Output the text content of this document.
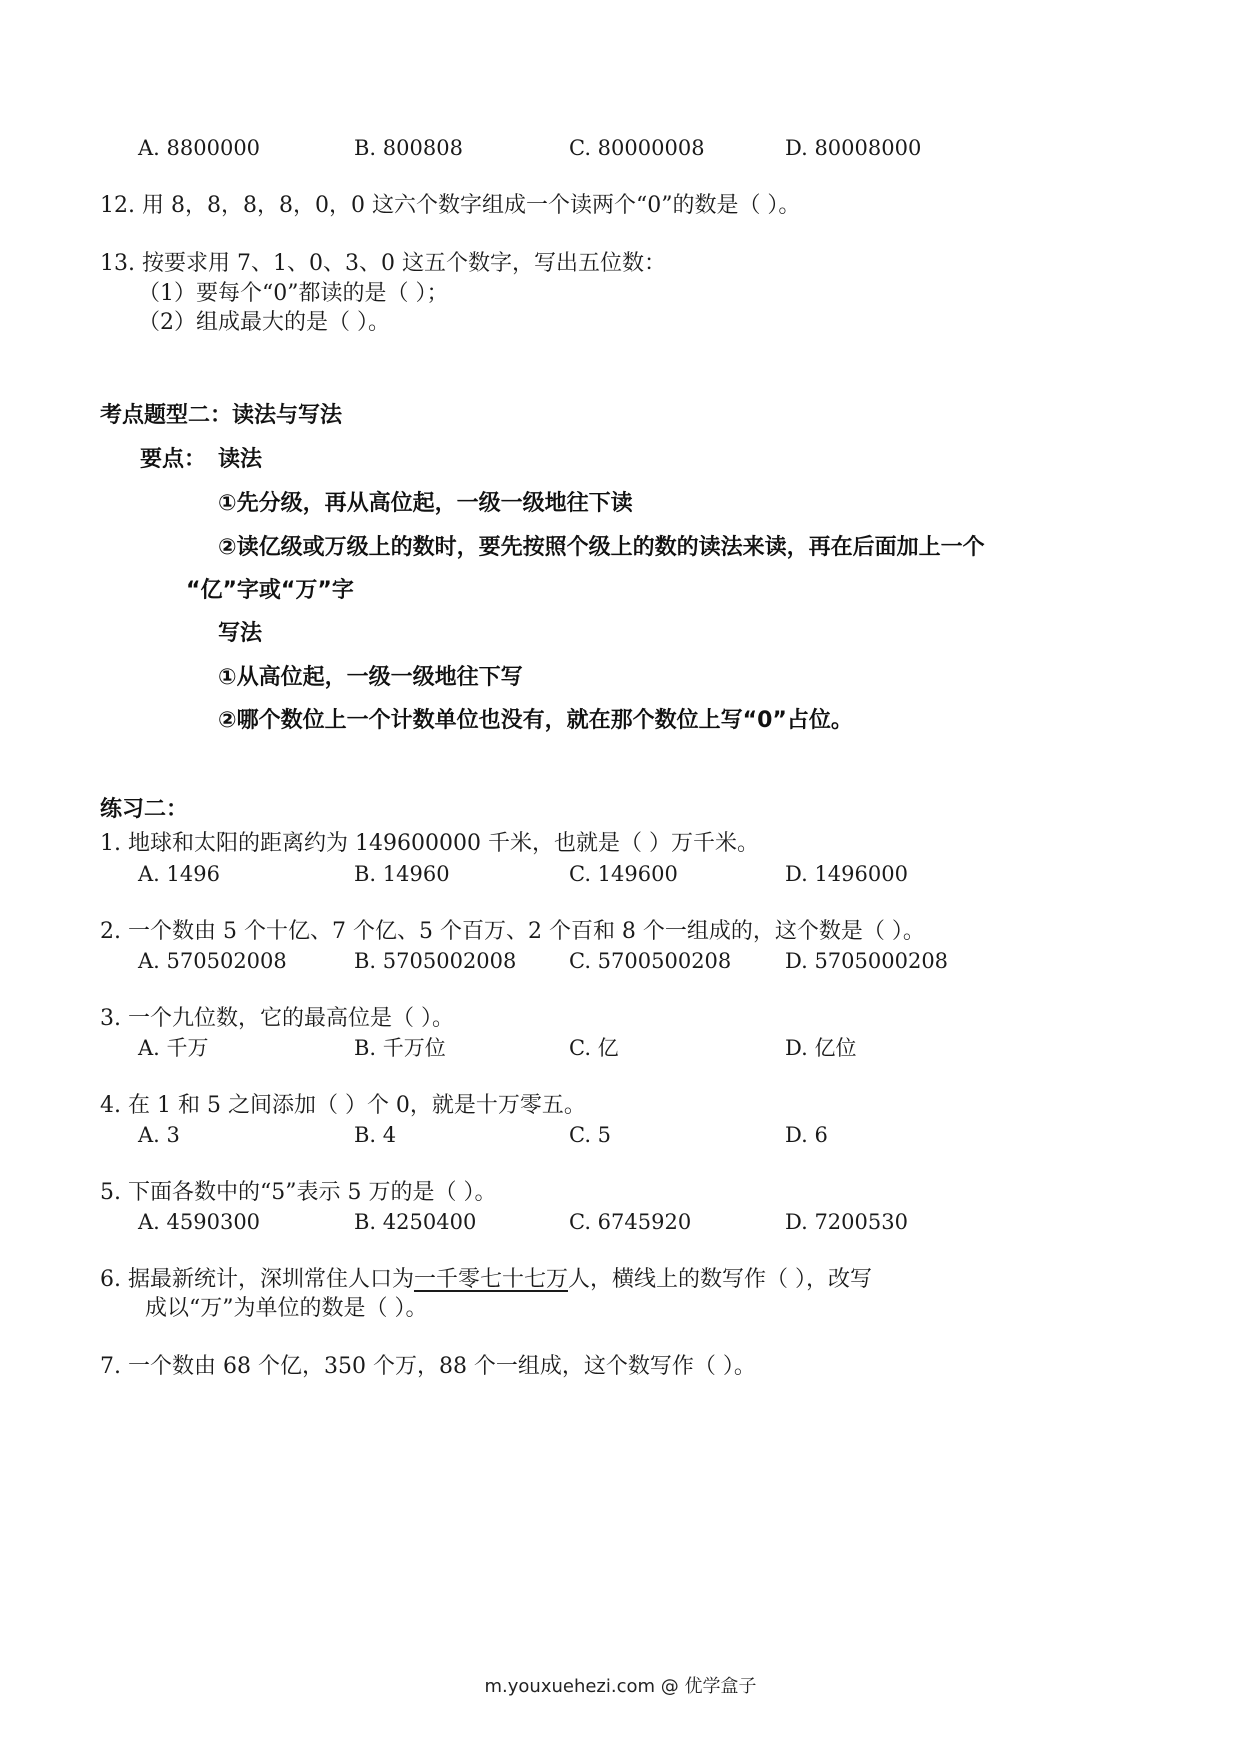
A. 8800000	B. 800808	C. 80000008	D. 80008000
12. 用 8，8，8，8，0，0 这六个数字组成一个读两个“0”的数是（ ）。
13. 按要求用 7、1、0、3、0 这五个数字，写出五位数：
（1）要每个“0”都读的是（ ）；
（2）组成最大的是（ ）。
考点题型二：读法与写法
要点： 读法
①先分级，再从高位起，一级一级地往下读
②读亿级或万级上的数时，要先按照个级上的数的读法来读，再在后面加上一个
“亿”字或“万”字
写法
①从高位起，一级一级地往下写
②哪个数位上一个计数单位也没有，就在那个数位上写“0”占位。
练习二：
1. 地球和太阳的距离约为 149600000 千米，也就是（ ）万千米。
A. 1496	B. 14960	C. 149600	D. 1496000
2. 一个数由 5 个十亿、7 个亿、5 个百万、2 个百和 8 个一组成的，这个数是（ ）。
A. 570502008	B. 5705002008	C. 5700500208	D. 5705000208
3. 一个九位数，它的最高位是（ ）。
A. 千万	B. 千万位	C. 亿	D. 亿位
4. 在 1 和 5 之间添加（ ）个 0，就是十万零五。
A. 3	B. 4	C. 5	D. 6
5. 下面各数中的“5”表示 5 万的是（ ）。
A. 4590300	B. 4250400	C. 6745920	D. 7200530
6. 据最新统计，深圳常住人口为一千零七十七万人，横线上的数写作（ ），改写
成以“万”为单位的数是（ ）。
7. 一个数由 68 个亿，350 个万，88 个一组成，这个数写作（ ）。
m.youxuehezi.com @ 优学盒子
